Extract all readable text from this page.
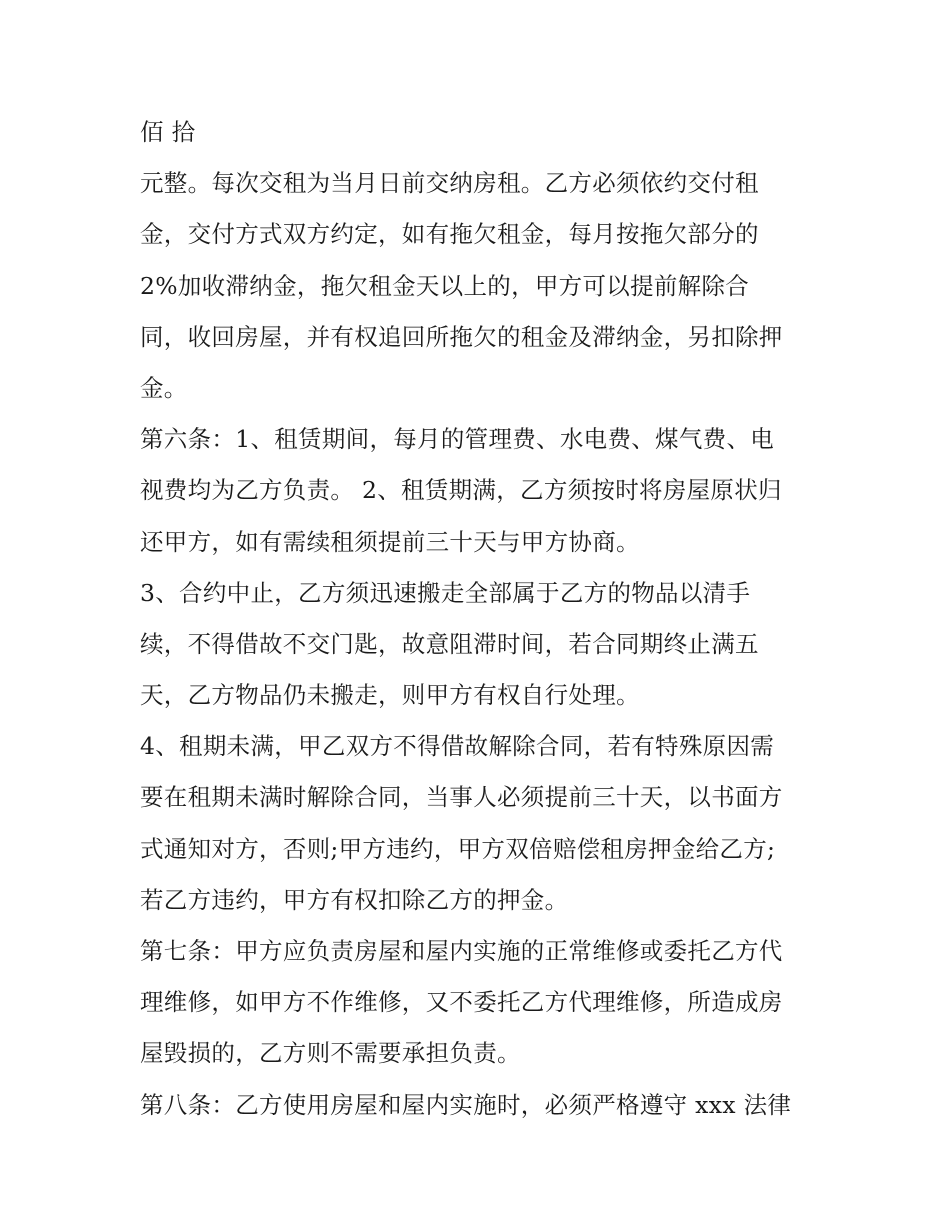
佰 拾
元整。每次交租为当月日前交纳房租。乙方必须依约交付租
金，交付方式双方约定，如有拖欠租金，每月按拖欠部分的
2%加收滞纳金，拖欠租金天以上的，甲方可以提前解除合
同，收回房屋，并有权追回所拖欠的租金及滞纳金，另扣除押
金。
第六条：1、租赁期间，每月的管理费、水电费、煤气费、电
视费均为乙方负责。 2、租赁期满，乙方须按时将房屋原状归
还甲方，如有需续租须提前三十天与甲方协商。
3、合约中止，乙方须迅速搬走全部属于乙方的物品以清手
续，不得借故不交门匙，故意阻滞时间，若合同期终止满五
天，乙方物品仍未搬走，则甲方有权自行处理。
4、租期未满，甲乙双方不得借故解除合同，若有特殊原因需
要在租期未满时解除合同，当事人必须提前三十天，以书面方
式通知对方，否则;甲方违约，甲方双倍赔偿租房押金给乙方;
若乙方违约，甲方有权扣除乙方的押金。
第七条：甲方应负责房屋和屋内实施的正常维修或委托乙方代
理维修，如甲方不作维修，又不委托乙方代理维修，所造成房
屋毁损的，乙方则不需要承担负责。
第八条：乙方使用房屋和屋内实施时，必须严格遵守 xxx 法律
